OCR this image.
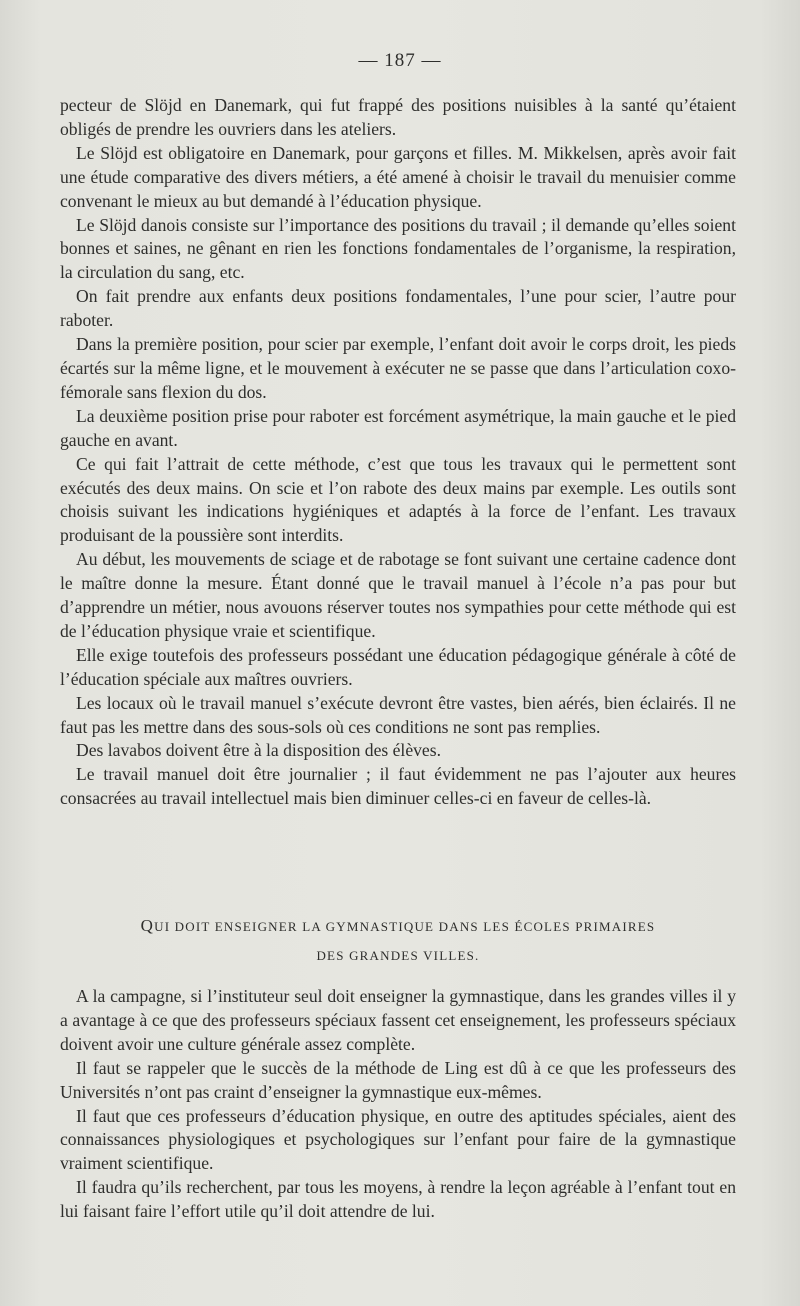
— 187 —

pecteur de Slöjd en Danemark, qui fut frappé des positions nuisibles à la santé qu’étaient obligés de prendre les ouvriers dans les ateliers.

Le Slöjd est obligatoire en Danemark, pour garçons et filles. M. Mikkelsen, après avoir fait une étude comparative des divers métiers, a été amené à choisir le travail du menuisier comme convenant le mieux au but demandé à l’éducation physique.

Le Slöjd danois consiste sur l’importance des positions du travail ; il demande qu’elles soient bonnes et saines, ne gênant en rien les fonctions fondamentales de l’organisme, la respiration, la circulation du sang, etc.

On fait prendre aux enfants deux positions fondamentales, l’une pour scier, l’autre pour raboter.

Dans la première position, pour scier par exemple, l’enfant doit avoir le corps droit, les pieds écartés sur la même ligne, et le mouvement à exécuter ne se passe que dans l’articulation coxo-fémorale sans flexion du dos.

La deuxième position prise pour raboter est forcément asymétrique, la main gauche et le pied gauche en avant.

Ce qui fait l’attrait de cette méthode, c’est que tous les travaux qui le permettent sont exécutés des deux mains. On scie et l’on rabote des deux mains par exemple. Les outils sont choisis suivant les indications hygiéniques et adaptés à la force de l’enfant. Les travaux produisant de la poussière sont interdits.

Au début, les mouvements de sciage et de rabotage se font suivant une certaine cadence dont le maître donne la mesure. Étant donné que le travail manuel à l’école n’a pas pour but d’apprendre un métier, nous avouons réserver toutes nos sympathies pour cette méthode qui est de l’éducation physique vraie et scientifique.

Elle exige toutefois des professeurs possédant une éducation pédagogique générale à côté de l’éducation spéciale aux maîtres ouvriers.

Les locaux où le travail manuel s’exécute devront être vastes, bien aérés, bien éclairés. Il ne faut pas les mettre dans des sous-sols où ces conditions ne sont pas remplies.

Des lavabos doivent être à la disposition des élèves.

Le travail manuel doit être journalier ; il faut évidemment ne pas l’ajouter aux heures consacrées au travail intellectuel mais bien diminuer celles-ci en faveur de celles-là.

QUI DOIT ENSEIGNER LA GYMNASTIQUE DANS LES ÉCOLES PRIMAIRES
DES GRANDES VILLES.

A la campagne, si l’instituteur seul doit enseigner la gymnastique, dans les grandes villes il y a avantage à ce que des professeurs spéciaux fassent cet enseignement, les professeurs spéciaux doivent avoir une culture générale assez complète.

Il faut se rappeler que le succès de la méthode de Ling est dû à ce que les professeurs des Universités n’ont pas craint d’enseigner la gymnastique eux-mêmes.

Il faut que ces professeurs d’éducation physique, en outre des aptitudes spéciales, aient des connaissances physiologiques et psychologiques sur l’enfant pour faire de la gymnastique vraiment scientifique.

Il faudra qu’ils recherchent, par tous les moyens, à rendre la leçon agréable à l’enfant tout en lui faisant faire l’effort utile qu’il doit attendre de lui.
